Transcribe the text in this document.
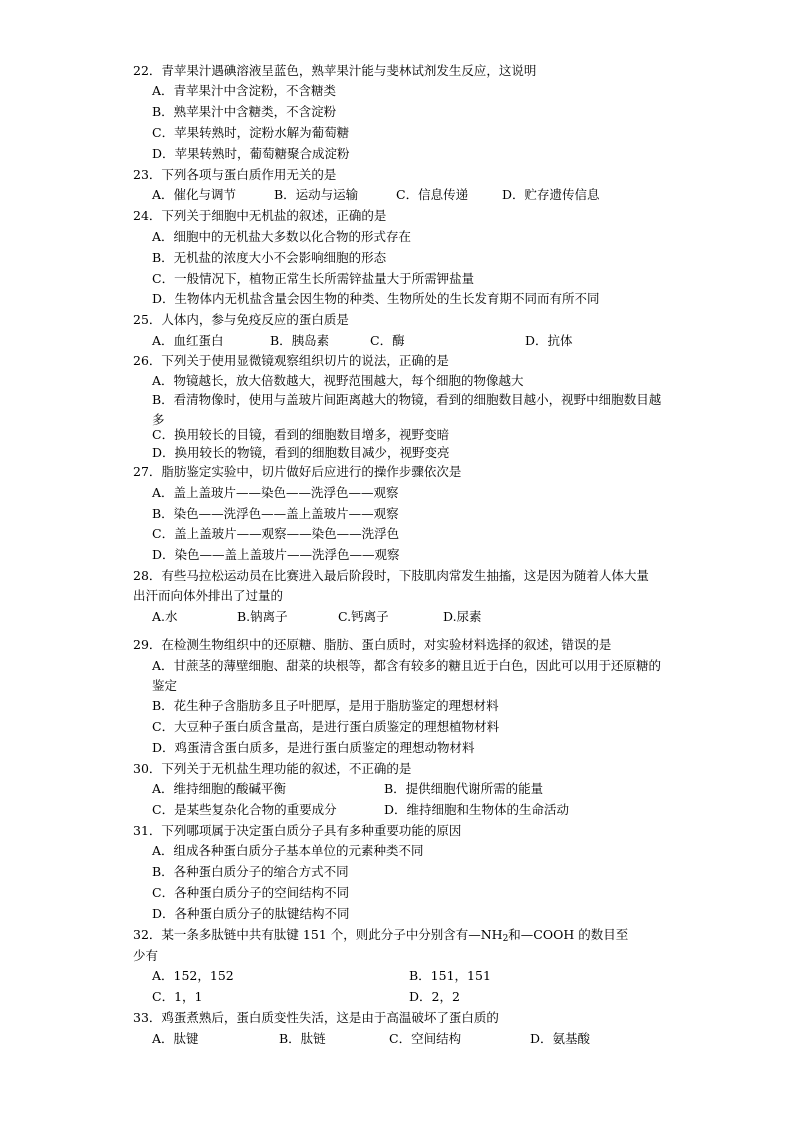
22．青苹果汁遇碘溶液呈蓝色，熟苹果汁能与斐林试剂发生反应，这说明
A．青苹果汁中含淀粉，不含糖类
B．熟苹果汁中含糖类，不含淀粉
C．苹果转熟时，淀粉水解为葡萄糖
D．苹果转熟时，葡萄糖聚合成淀粉
23．下列各项与蛋白质作用无关的是
A．催化与调节	B．运动与运输	C．信息传递	D．贮存遗传信息
24．下列关于细胞中无机盐的叙述，正确的是
A．细胞中的无机盐大多数以化合物的形式存在
B．无机盐的浓度大小不会影响细胞的形态
C．一般情况下，植物正常生长所需锌盐量大于所需钾盐量
D．生物体内无机盐含量会因生物的种类、生物所处的生长发育期不同而有所不同
25．人体内，参与免疫反应的蛋白质是
A．血红蛋白	B．胰岛素	C．酶	D．抗体
26．下列关于使用显微镜观察组织切片的说法，正确的是
A．物镜越长，放大倍数越大，视野范围越大，每个细胞的物像越大
B．看清物像时，使用与盖玻片间距离越大的物镜，看到的细胞数目越小，视野中细胞数目越多
C．换用较长的目镜，看到的细胞数目增多，视野变暗
D．换用较长的物镜，看到的细胞数目减少，视野变亮
27．脂肪鉴定实验中，切片做好后应进行的操作步骤依次是
A．盖上盖玻片——染色——洗浮色——观察
B．染色——洗浮色——盖上盖玻片——观察
C．盖上盖玻片——观察——染色——洗浮色
D．染色——盖上盖玻片——洗浮色——观察
28．有些马拉松运动员在比赛进入最后阶段时，下肢肌肉常发生抽搐，这是因为随着人体大量出汗而向体外排出了过量的
A.水	B.钠离子	C.钙离子	D.尿素
29．在检测生物组织中的还原糖、脂肪、蛋白质时，对实验材料选择的叙述，错误的是
A．甘蔗茎的薄壁细胞、甜菜的块根等，都含有较多的糖且近于白色，因此可以用于还原糖的鉴定
B．花生种子含脂肪多且子叶肥厚，是用于脂肪鉴定的理想材料
C．大豆种子蛋白质含量高，是进行蛋白质鉴定的理想植物材料
D．鸡蛋清含蛋白质多，是进行蛋白质鉴定的理想动物材料
30．下列关于无机盐生理功能的叙述，不正确的是
A．维持细胞的酸碱平衡	B．提供细胞代谢所需的能量
C．是某些复杂化合物的重要成分	D．维持细胞和生物体的生命活动
31．下列哪项属于决定蛋白质分子具有多种重要功能的原因
A．组成各种蛋白质分子基本单位的元素种类不同
B．各种蛋白质分子的缩合方式不同
C．各种蛋白质分子的空间结构不同
D．各种蛋白质分子的肽键结构不同
32．某一条多肽链中共有肽键 151 个，则此分子中分别含有$—NH_2$和—COOH 的数目至
少有
A．152，152	B．151，151
C．1，1	D．2，2
33．鸡蛋煮熟后，蛋白质变性失活，这是由于高温破坏了蛋白质的
A．肽键	B．肽链	C．空间结构	D．氨基酸
